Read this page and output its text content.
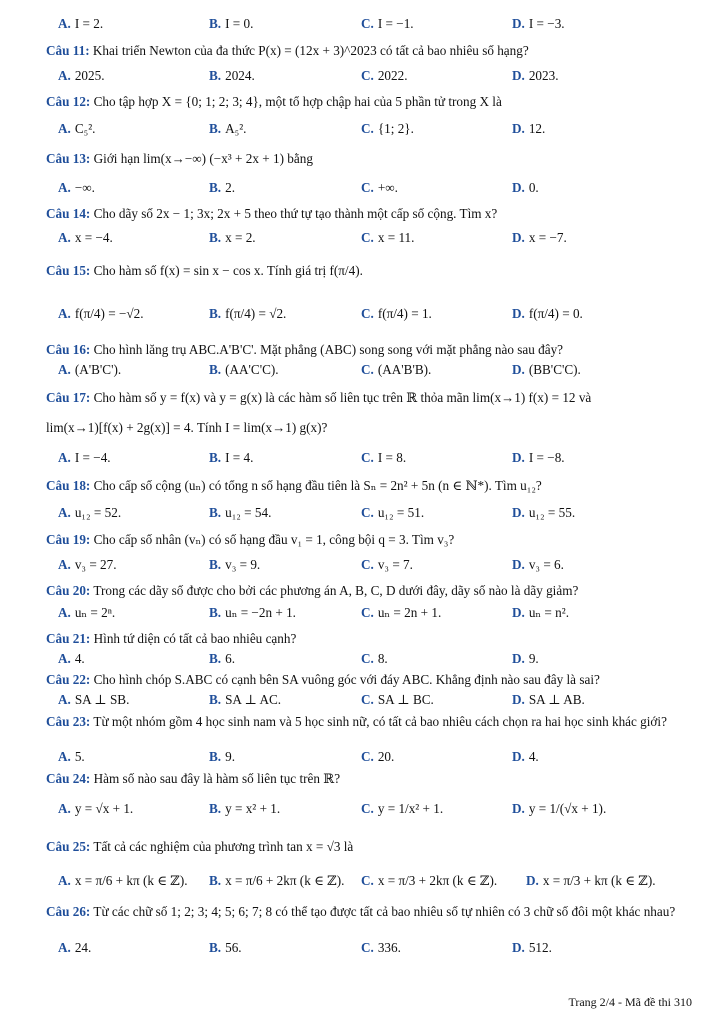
A. I = 2.	B. I = 0.	C. I = −1.	D. I = −3.
Câu 11: Khai triển Newton của đa thức P(x) = (12x + 3)^2023 có tất cả bao nhiêu số hạng?
A. 2025.	B. 2024.	C. 2022.	D. 2023.
Câu 12: Cho tập hợp X = {0; 1; 2; 3; 4}, một tổ hợp chập hai của 5 phần tử trong X là
A. C₅².	B. A₅².	C. {1; 2}.	D. 12.
Câu 13: Giới hạn lim(x→−∞) (−x³ + 2x + 1) bằng
A. −∞.	B. 2.	C. +∞.	D. 0.
Câu 14: Cho dãy số 2x − 1; 3x; 2x + 5 theo thứ tự tạo thành một cấp số cộng. Tìm x?
A. x = −4.	B. x = 2.	C. x = 11.	D. x = −7.
Câu 15: Cho hàm số f(x) = sin x − cos x. Tính giá trị f(π/4).
A. f(π/4) = −√2.	B. f(π/4) = √2.	C. f(π/4) = 1.	D. f(π/4) = 0.
Câu 16: Cho hình lăng trụ ABC.A'B'C'. Mặt phẳng (ABC) song song với mặt phẳng nào sau đây?
A. (A'B'C').	B. (AA'C'C).	C. (AA'B'B).	D. (BB'C'C).
Câu 17: Cho hàm số y = f(x) và y = g(x) là các hàm số liên tục trên ℝ thỏa mãn lim(x→1) f(x) = 12 và
lim(x→1)[f(x) + 2g(x)] = 4. Tính I = lim(x→1) g(x)?
A. I = −4.	B. I = 4.	C. I = 8.	D. I = −8.
Câu 18: Cho cấp số cộng (uₙ) có tổng n số hạng đầu tiên là Sₙ = 2n² + 5n (n ∈ ℕ*). Tìm u₁₂?
A. u₁₂ = 52.	B. u₁₂ = 54.	C. u₁₂ = 51.	D. u₁₂ = 55.
Câu 19: Cho cấp số nhân (vₙ) có số hạng đầu v₁ = 1, công bội q = 3. Tìm v₃?
A. v₃ = 27.	B. v₃ = 9.	C. v₃ = 7.	D. v₃ = 6.
Câu 20: Trong các dãy số được cho bởi các phương án A, B, C, D dưới đây, dãy số nào là dãy giảm?
A. uₙ = 2ⁿ.	B. uₙ = −2n + 1.	C. uₙ = 2n + 1.	D. uₙ = n².
Câu 21: Hình tứ diện có tất cả bao nhiêu cạnh?
A. 4.	B. 6.	C. 8.	D. 9.
Câu 22: Cho hình chóp S.ABC có cạnh bên SA vuông góc với đáy ABC. Khẳng định nào sau đây là sai?
A. SA ⊥ SB.	B. SA ⊥ AC.	C. SA ⊥ BC.	D. SA ⊥ AB.
Câu 23: Từ một nhóm gồm 4 học sinh nam và 5 học sinh nữ, có tất cả bao nhiêu cách chọn ra hai học sinh khác giới?
A. 5.	B. 9.	C. 20.	D. 4.
Câu 24: Hàm số nào sau đây là hàm số liên tục trên ℝ?
A. y = √x + 1.	B. y = x² + 1.	C. y = 1/x² + 1.	D. y = 1/(√x + 1).
Câu 25: Tất cả các nghiệm của phương trình tan x = √3 là
A. x = π/6 + kπ (k ∈ ℤ). B. x = π/6 + 2kπ (k ∈ ℤ). C. x = π/3 + 2kπ (k ∈ ℤ). D. x = π/3 + kπ (k ∈ ℤ).
Câu 26: Từ các chữ số 1; 2; 3; 4; 5; 6; 7; 8 có thể tạo được tất cả bao nhiêu số tự nhiên có 3 chữ số đôi một khác nhau?
A. 24.	B. 56.	C. 336.	D. 512.
Trang 2/4 - Mã đề thi 310
